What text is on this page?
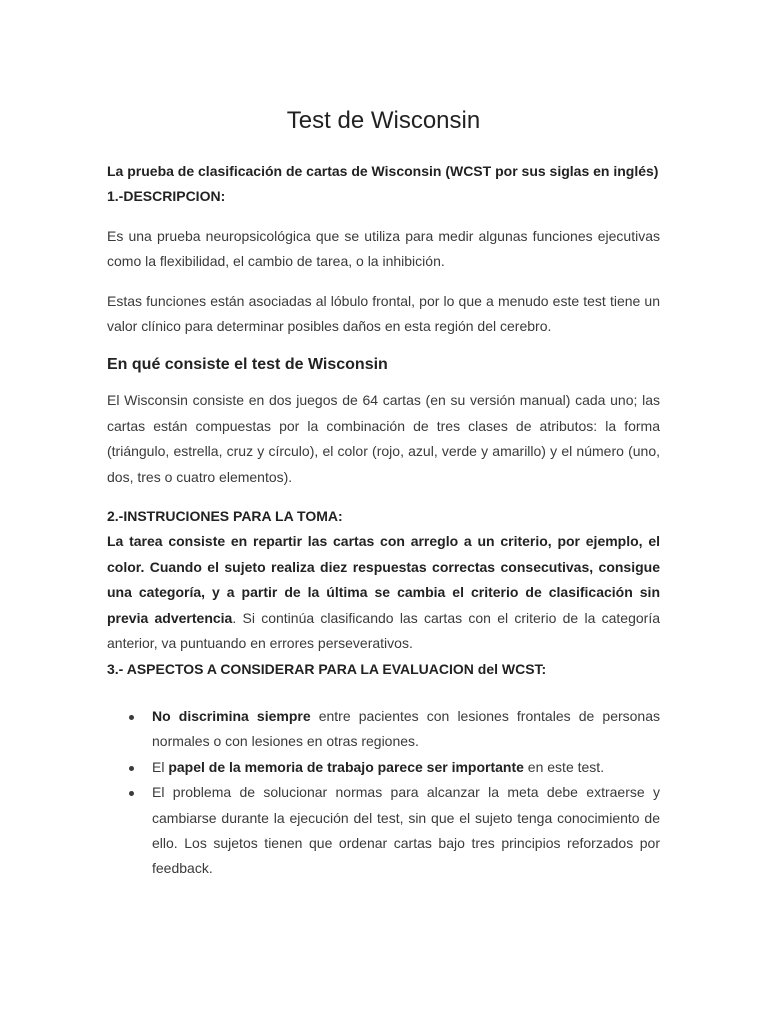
Test de Wisconsin

La prueba de clasificación de cartas de Wisconsin (WCST por sus siglas en inglés)

1.-DESCRIPCION:

Es una prueba neuropsicológica que se utiliza para medir algunas funciones ejecutivas como la flexibilidad, el cambio de tarea, o la inhibición.

Estas funciones están asociadas al lóbulo frontal, por lo que a menudo este test tiene un valor clínico para determinar posibles daños en esta región del cerebro.

En qué consiste el test de Wisconsin

El Wisconsin consiste en dos juegos de 64 cartas (en su versión manual) cada uno; las cartas están compuestas por la combinación de tres clases de atributos: la forma (triángulo, estrella, cruz y círculo), el color (rojo, azul, verde y amarillo) y el número (uno, dos, tres o cuatro elementos).

2.-INSTRUCIONES PARA LA TOMA:

La tarea consiste en repartir las cartas con arreglo a un criterio, por ejemplo, el color. Cuando el sujeto realiza diez respuestas correctas consecutivas, consigue una categoría, y a partir de la última se cambia el criterio de clasificación sin previa advertencia. Si continúa clasificando las cartas con el criterio de la categoría anterior, va puntuando en errores perseverativos.

3.- ASPECTOS A CONSIDERAR PARA LA EVALUACION del WCST:

No discrimina siempre entre pacientes con lesiones frontales de personas normales o con lesiones en otras regiones.
El papel de la memoria de trabajo parece ser importante en este test.
El problema de solucionar normas para alcanzar la meta debe extraerse y cambiarse durante la ejecución del test, sin que el sujeto tenga conocimiento de ello. Los sujetos tienen que ordenar cartas bajo tres principios reforzados por feedback.
